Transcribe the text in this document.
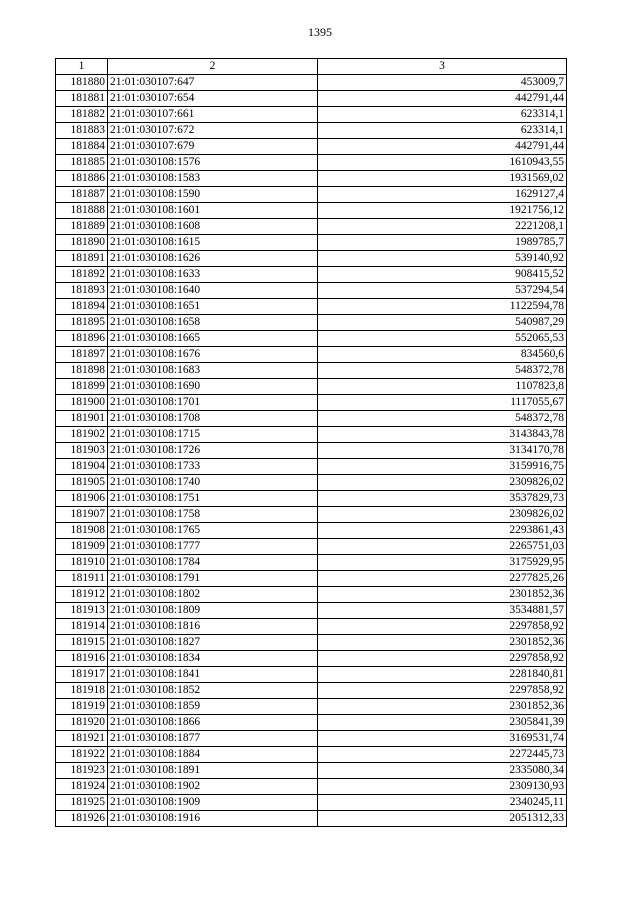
1395
1	2	3
181880	21:01:030107:647	453009,7
181881	21:01:030107:654	442791,44
181882	21:01:030107:661	623314,1
181883	21:01:030107:672	623314,1
181884	21:01:030107:679	442791,44
181885	21:01:030108:1576	1610943,55
181886	21:01:030108:1583	1931569,02
181887	21:01:030108:1590	1629127,4
181888	21:01:030108:1601	1921756,12
181889	21:01:030108:1608	2221208,1
181890	21:01:030108:1615	1989785,7
181891	21:01:030108:1626	539140,92
181892	21:01:030108:1633	908415,52
181893	21:01:030108:1640	537294,54
181894	21:01:030108:1651	1122594,78
181895	21:01:030108:1658	540987,29
181896	21:01:030108:1665	552065,53
181897	21:01:030108:1676	834560,6
181898	21:01:030108:1683	548372,78
181899	21:01:030108:1690	1107823,8
181900	21:01:030108:1701	1117055,67
181901	21:01:030108:1708	548372,78
181902	21:01:030108:1715	3143843,78
181903	21:01:030108:1726	3134170,78
181904	21:01:030108:1733	3159916,75
181905	21:01:030108:1740	2309826,02
181906	21:01:030108:1751	3537829,73
181907	21:01:030108:1758	2309826,02
181908	21:01:030108:1765	2293861,43
181909	21:01:030108:1777	2265751,03
181910	21:01:030108:1784	3175929,95
181911	21:01:030108:1791	2277825,26
181912	21:01:030108:1802	2301852,36
181913	21:01:030108:1809	3534881,57
181914	21:01:030108:1816	2297858,92
181915	21:01:030108:1827	2301852,36
181916	21:01:030108:1834	2297858,92
181917	21:01:030108:1841	2281840,81
181918	21:01:030108:1852	2297858,92
181919	21:01:030108:1859	2301852,36
181920	21:01:030108:1866	2305841,39
181921	21:01:030108:1877	3169531,74
181922	21:01:030108:1884	2272445,73
181923	21:01:030108:1891	2335080,34
181924	21:01:030108:1902	2309130,93
181925	21:01:030108:1909	2340245,11
181926	21:01:030108:1916	2051312,33
